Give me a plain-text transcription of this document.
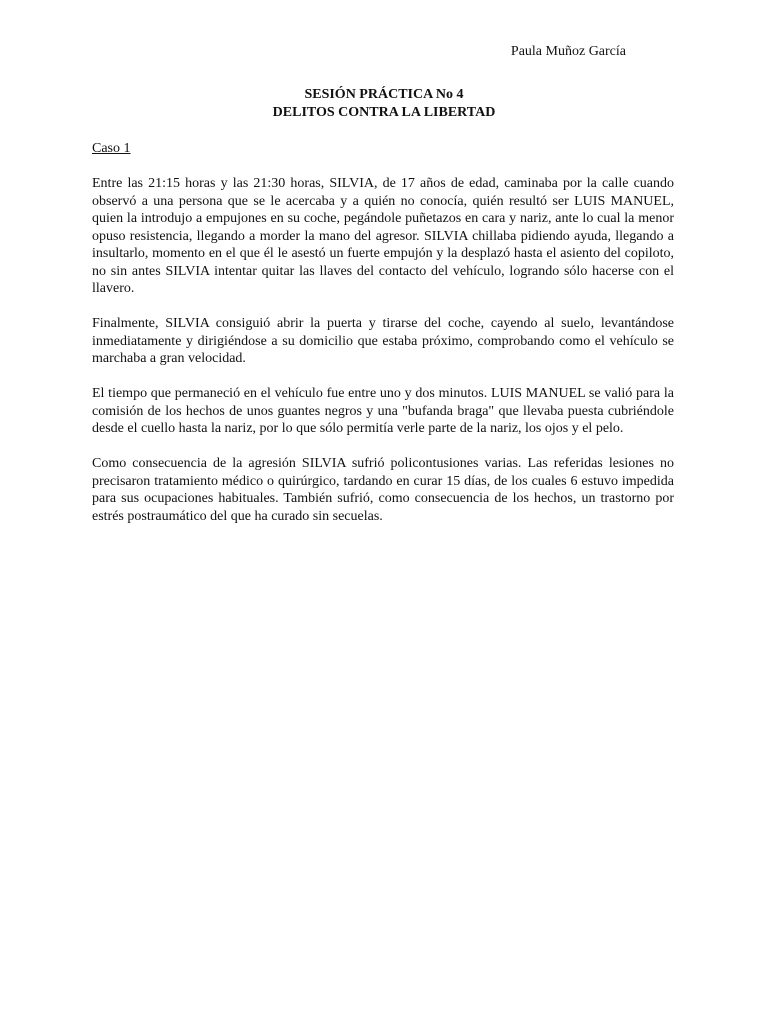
Paula Muñoz García
SESIÓN PRÁCTICA No 4
DELITOS CONTRA LA LIBERTAD
Caso 1

Entre las 21:15 horas y las 21:30 horas, SILVIA, de 17 años de edad, caminaba por la calle cuando observó a una persona que se le acercaba y a quién no conocía, quién resultó ser LUIS MANUEL, quien la introdujo a empujones en su coche, pegándole puñetazos en cara y nariz, ante lo cual la menor opuso resistencia, llegando a morder la mano del agresor. SILVIA chillaba pidiendo ayuda, llegando a insultarlo, momento en el que él le asestó un fuerte empujón y la desplazó hasta el asiento del copiloto, no sin antes SILVIA intentar quitar las llaves del contacto del vehículo, logrando sólo hacerse con el llavero.

Finalmente, SILVIA consiguió abrir la puerta y tirarse del coche, cayendo al suelo, levantándose inmediatamente y dirigiéndose a su domicilio que estaba próximo, comprobando como el vehículo se marchaba a gran velocidad.

El tiempo que permaneció en el vehículo fue entre uno y dos minutos. LUIS MANUEL se valió para la comisión de los hechos de unos guantes negros y una "bufanda braga" que llevaba puesta cubriéndole desde el cuello hasta la nariz, por lo que sólo permitía verle parte de la nariz, los ojos y el pelo.

Como consecuencia de la agresión SILVIA sufrió policontusiones varias. Las referidas lesiones no precisaron tratamiento médico o quirúrgico, tardando en curar 15 días, de los cuales 6 estuvo impedida para sus ocupaciones habituales. También sufrió, como consecuencia de los hechos, un trastorno por estrés postraumático del que ha curado sin secuelas.
